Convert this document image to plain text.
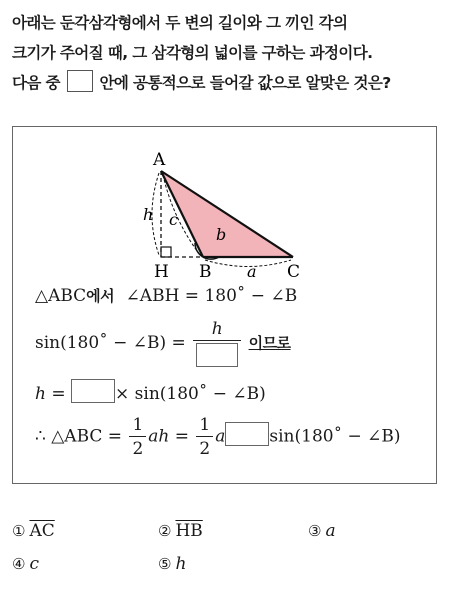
아래는 둔각삼각형에서 두 변의 길이와 그 끼인 각의
크기가 주어질 때, 그 삼각형의 넓이를 구하는 과정이다.
다음 중	안에 공통적으로 들어갈 값으로 알맞은 것은?
A
H B	C
h c
b
a
△ABC에서 ∠ABH = 180˚ − ∠B
sin(180˚ − ∠B) =
h
이므로
h =	× sin(180˚ − ∠B)
∴ △ABC = $\frac{1}{2}$ ah = $\frac{1}{2}$ a	sin(180˚ − ∠B)
① $\overline{AC}$	② $\overline{HB}$	③ a
④ c	⑤ h
